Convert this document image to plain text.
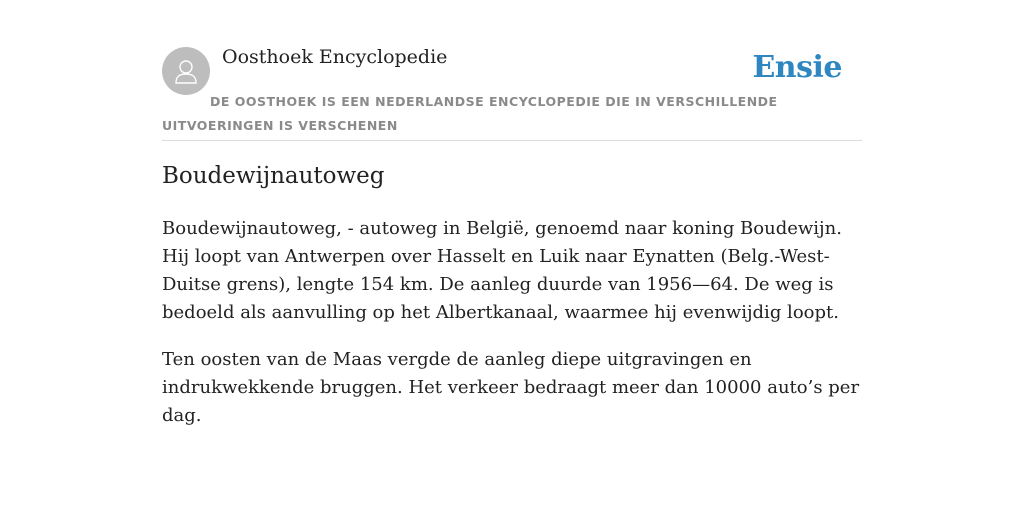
Oosthoek Encyclopedie	Ensie
DE OOSTHOEK IS EEN NEDERLANDSE ENCYCLOPEDIE DIE IN VERSCHILLENDE UITVOERINGEN IS VERSCHENEN
Boudewijnautoweg

Boudewijnautoweg, - autoweg in België, genoemd naar koning Boudewijn. Hij loopt van Antwerpen over Hasselt en Luik naar Eynatten (Belg.-West-Duitse grens), lengte 154 km. De aanleg duurde van 1956—64. De weg is bedoeld als aanvulling op het Albertkanaal, waarmee hij evenwijdig loopt.

Ten oosten van de Maas vergde de aanleg diepe uitgravingen en indrukwekkende bruggen. Het verkeer bedraagt meer dan 10000 auto’s per dag.
